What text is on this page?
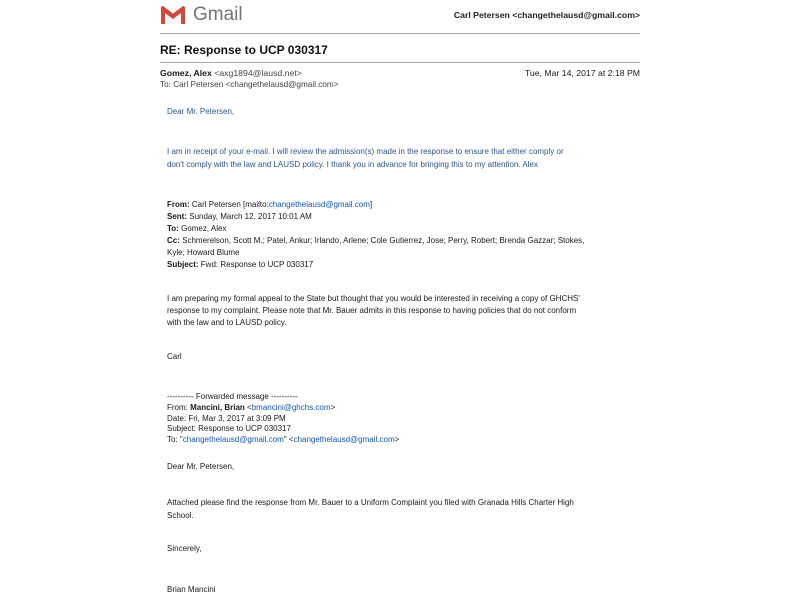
Gmail	Carl Petersen <changethelausd@gmail.com>
RE: Response to UCP 030317
Gomez, Alex <axg1894@lausd.net>	Tue, Mar 14, 2017 at 2:18 PM
To: Carl Petersen <changethelausd@gmail.com>
Dear Mr. Petersen,
I am in receipt of your e-mail. I will review the admission(s) made in the response to ensure that either comply or
don't comply with the law and LAUSD policy. I thank you in advance for bringing this to my attention. Alex
From: Carl Petersen [mailto:changethelausd@gmail.com]
Sent: Sunday, March 12, 2017 10:01 AM
To: Gomez, Alex
Cc: Schmerelson, Scott M.; Patel, Ankur; Irlando, Arlene; Cole Gutierrez, Jose; Perry, Robert; Brenda Gazzar; Stokes,
Kyle; Howard Blume
Subject: Fwd: Response to UCP 030317
I am preparing my formal appeal to the State but thought that you would be interested in receiving a copy of GHCHS'
response to my complaint. Please note that Mr. Bauer admits in this response to having policies that do not conform
with the law and to LAUSD policy.
Carl
---------- Forwarded message ----------
From: Mancini, Brian <bmancini@ghchs.com>
Date: Fri, Mar 3, 2017 at 3:09 PM
Subject: Response to UCP 030317
To: "changethelausd@gmail.com" <changethelausd@gmail.com>
Dear Mr. Petersen,
Attached please find the response from Mr. Bauer to a Uniform Complaint you filed with Granada Hills Charter High
School.
Sincerely,
Brian Mancini
